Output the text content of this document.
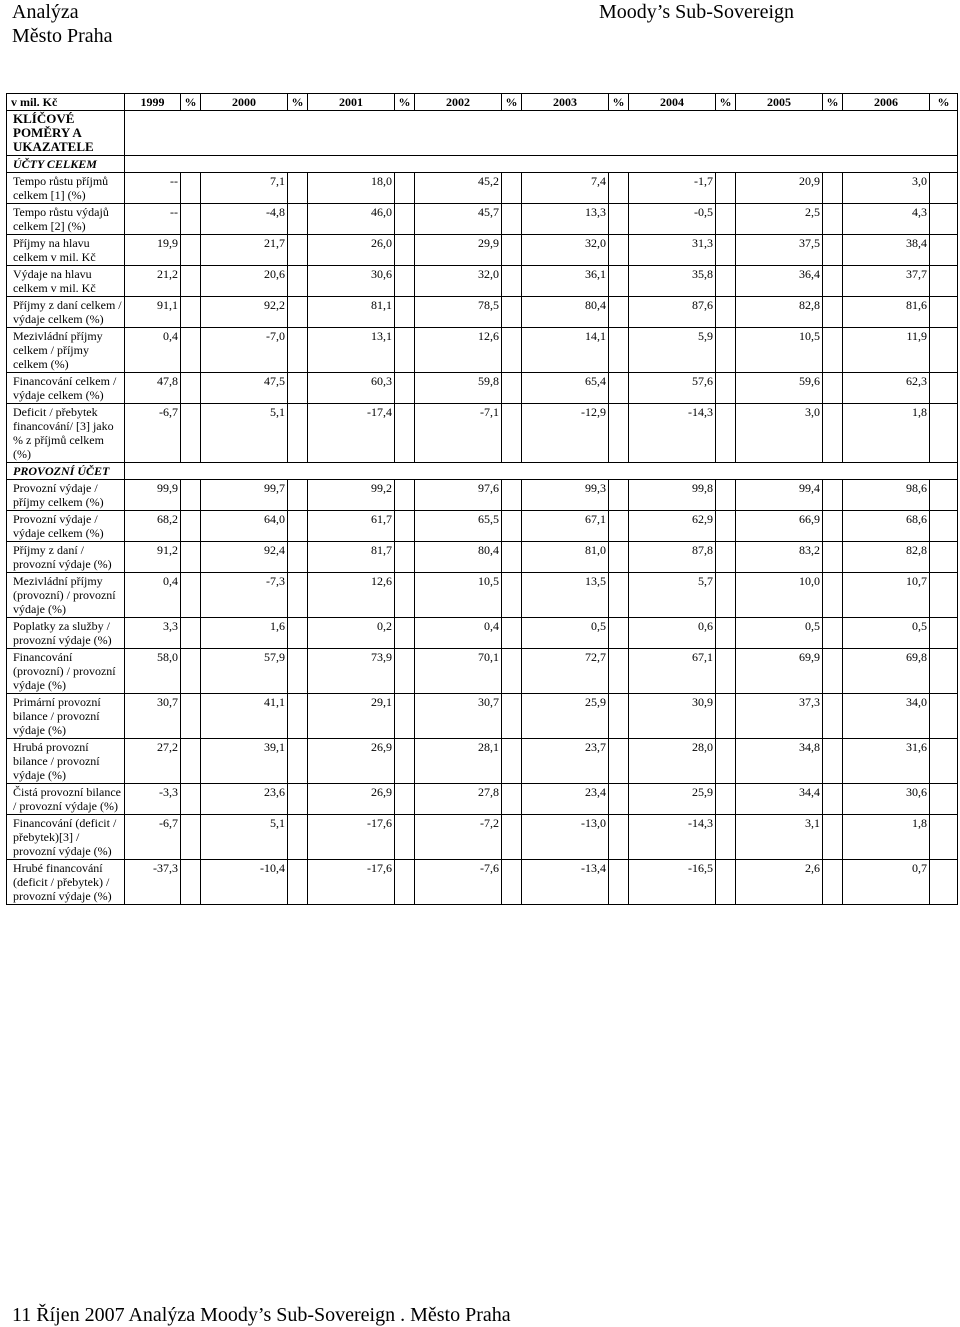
Analýza
Město Praha
Moody’s Sub-Sovereign
v mil. Kč	1999	%	2000	%	2001	%	2002	%	2003	%	2004	%	2005	%	2006	%
KLÍČOVÉ POMĚRY A UKAZATELE																
ÚČTY CELKEM																
Tempo růstu příjmů celkem [1] (%)	--		7,1		18,0		45,2		7,4		-1,7		20,9		3,0	
Tempo růstu výdajů celkem [2] (%)	--		-4,8		46,0		45,7		13,3		-0,5		2,5		4,3	
Příjmy na hlavu celkem v mil. Kč	19,9		21,7		26,0		29,9		32,0		31,3		37,5		38,4	
Výdaje na hlavu celkem v mil. Kč	21,2		20,6		30,6		32,0		36,1		35,8		36,4		37,7	
Příjmy z daní celkem / výdaje celkem (%)	91,1		92,2		81,1		78,5		80,4		87,6		82,8		81,6	
Mezivládní příjmy celkem / příjmy celkem (%)	0,4		-7,0		13,1		12,6		14,1		5,9		10,5		11,9	
Financování celkem / výdaje celkem (%)	47,8		47,5		60,3		59,8		65,4		57,6		59,6		62,3	
Deficit / přebytek financování/ [3] jako % z příjmů celkem (%)	-6,7		5,1		-17,4		-7,1		-12,9		-14,3		3,0		1,8	
PROVOZNÍ ÚČET																
Provozní výdaje / příjmy celkem (%)	99,9		99,7		99,2		97,6		99,3		99,8		99,4		98,6	
Provozní výdaje / výdaje celkem (%)	68,2		64,0		61,7		65,5		67,1		62,9		66,9		68,6	
Příjmy z daní / provozní výdaje (%)	91,2		92,4		81,7		80,4		81,0		87,8		83,2		82,8	
Mezivládní příjmy (provozní) / provozní výdaje (%)	0,4		-7,3		12,6		10,5		13,5		5,7		10,0		10,7	
Poplatky za služby / provozní výdaje (%)	3,3		1,6		0,2		0,4		0,5		0,6		0,5		0,5	
Financování (provozní) / provozní výdaje (%)	58,0		57,9		73,9		70,1		72,7		67,1		69,9		69,8	
Primární provozní bilance / provozní výdaje (%)	30,7		41,1		29,1		30,7		25,9		30,9		37,3		34,0	
Hrubá provozní bilance / provozní výdaje (%)	27,2		39,1		26,9		28,1		23,7		28,0		34,8		31,6	
Čistá provozní bilance / provozní výdaje (%)	-3,3		23,6		26,9		27,8		23,4		25,9		34,4		30,6	
Financování (deficit / přebytek)[3] / provozní výdaje (%)	-6,7		5,1		-17,6		-7,2		-13,0		-14,3		3,1		1,8	
Hrubé financování (deficit / přebytek) / provozní výdaje (%)	-37,3		-10,4		-17,6		-7,6		-13,4		-16,5		2,6		0,7	
11 Říjen 2007 Analýza Moody’s Sub-Sovereign . Město Praha
